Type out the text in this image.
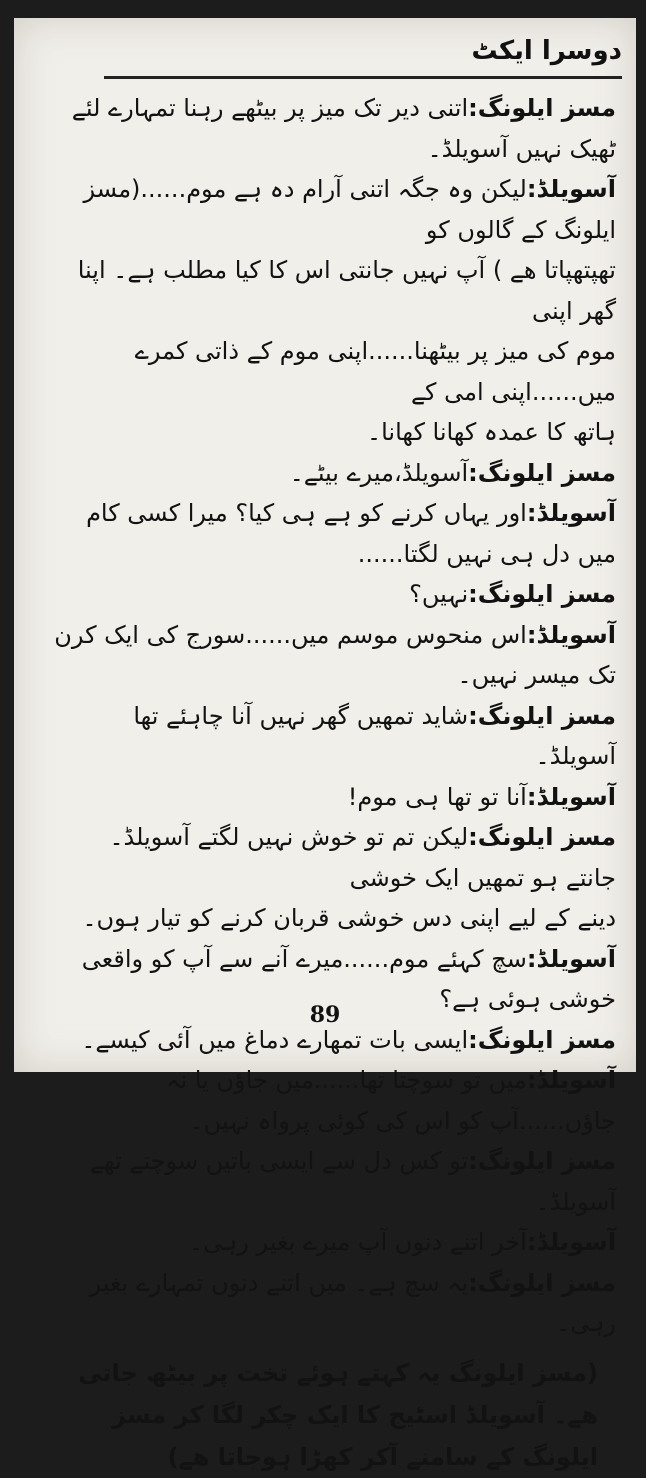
دوسرا ایکٹ

مسز ایلونگ:اتنی دیر تک میز پر بیٹھے رہنا تمہارے لئے ٹھیک نہیں آسویلڈ۔

آسویلڈ:لیکن وہ جگہ اتنی آرام دہ ہے موم......(مسز ایلونگ کے گالوں کو

تھپتھپاتا ھے ) آپ نہیں جانتی اس کا کیا مطلب ہے۔ اپنا گھر اپنی

موم کی میز پر بیٹھنا......اپنی موم کے ذاتی کمرے میں......اپنی امی کے

ہاتھ کا عمدہ کھانا کھانا۔

مسز ایلونگ:آسویلڈ،میرے بیٹے۔

آسویلڈ:اور یہاں کرنے کو ہے ہی کیا؟ میرا کسی کام میں دل ہی نہیں لگتا......

مسز ایلونگ:نہیں؟

آسویلڈ:اس منحوس موسم میں......سورج کی ایک کرن تک میسر نہیں۔

مسز ایلونگ:شاید تمھیں گھر نہیں آنا چاہئے تھا آسویلڈ۔

آسویلڈ:آنا تو تھا ہی موم!

مسز ایلونگ:لیکن تم تو خوش نہیں لگتے آسویلڈ۔ جانتے ہو تمھیں ایک خوشی

دینے کے لیے اپنی دس خوشی قربان کرنے کو تیار ہوں۔

آسویلڈ:سچ کہئے موم......میرے آنے سے آپ کو واقعی خوشی ہوئی ہے؟

مسز ایلونگ:ایسی بات تمھارے دماغ میں آئی کیسے۔

آسویلڈ:میں تو سوچتا تھا......میں جاؤں یا نہ جاؤں......آپ کو اس کی کوئی پرواہ نہیں۔

مسز ایلونگ:تو کس دل سے ایسی باتیں سوچتے تھے آسویلڈ۔

آسویلڈ:آخر اتنے دنوں آپ میرے بغیر رہی۔

مسز ایلونگ:یہ سچ ہے۔ میں اتنے دنوں تمہارے بغیر رہی۔

(مسز ایلونگ یہ کہتے ہوئے تخت پر بیٹھ جاتی ھے۔ آسویلڈ اسٹیج کا ایک چکر لگا کر مسز ایلونگ کے سامنے آکر کھڑا ہوجاتا ھے)

89
